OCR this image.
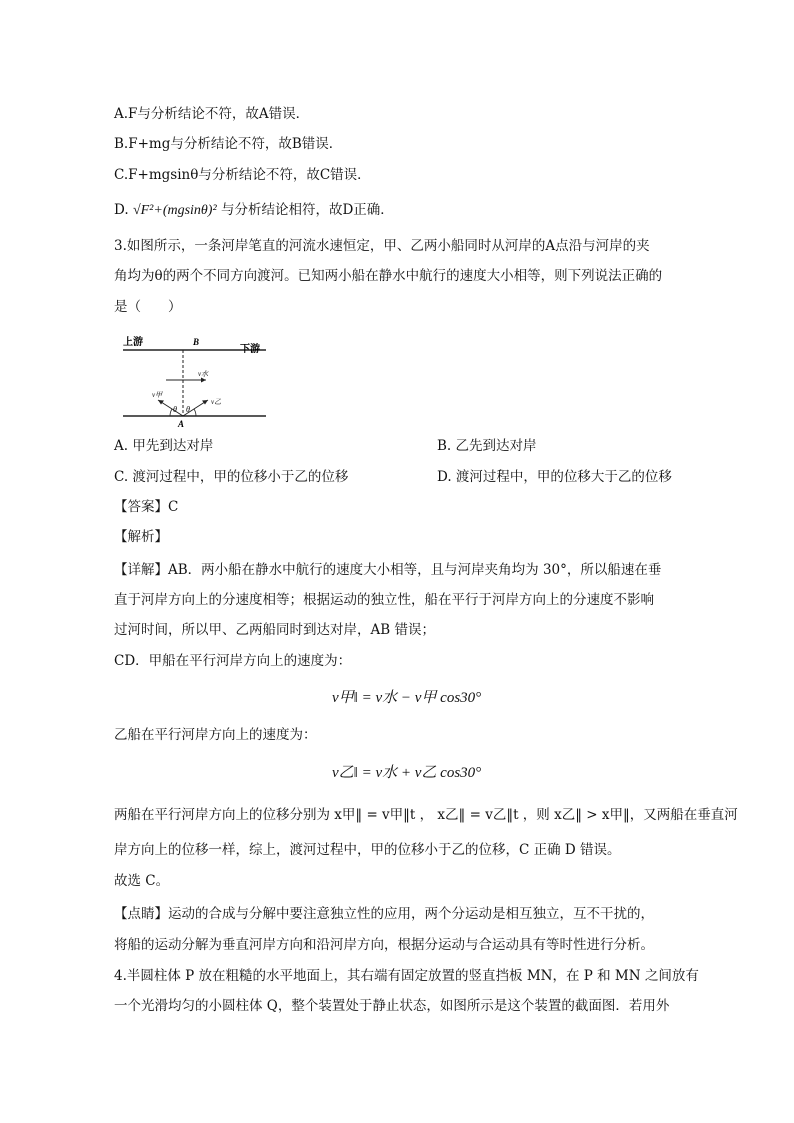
A.F与分析结论不符，故A错误．
B.F+mg与分析结论不符，故B错误．
C.F+mgsinθ与分析结论不符，故C错误．
D. √F²+(mgsinθ)² 与分析结论相符，故D正确．
3.如图所示，一条河岸笔直的河流水速恒定，甲、乙两小船同时从河岸的A点沿与河岸的夹
角均为θ的两个不同方向渡河。已知两小船在静水中航行的速度大小相等，则下列说法正确的
是（　　）
上游
下游
B
A
v水
v甲
v乙
θ θ
A. 甲先到达对岸	B. 乙先到达对岸
C. 渡河过程中，甲的位移小于乙的位移	D. 渡河过程中，甲的位移大于乙的位移
【答案】C
【解析】
【详解】AB．两小船在静水中航行的速度大小相等，且与河岸夹角均为 30°，所以船速在垂
直于河岸方向上的分速度相等；根据运动的独立性，船在平行于河岸方向上的分速度不影响
过河时间，所以甲、乙两船同时到达对岸，AB 错误；
CD．甲船在平行河岸方向上的速度为：
v甲‖ = v水 − v甲 cos30°
乙船在平行河岸方向上的速度为：
v乙‖ = v水 + v乙 cos30°
两船在平行河岸方向上的位移分别为 x甲‖ = v甲‖t ， x乙‖ = v乙‖t ，则 x乙‖ > x甲‖，又两船在垂直河
岸方向上的位移一样，综上，渡河过程中，甲的位移小于乙的位移，C 正确 D 错误。
故选 C。
【点睛】运动的合成与分解中要注意独立性的应用，两个分运动是相互独立，互不干扰的，
将船的运动分解为垂直河岸方向和沿河岸方向，根据分运动与合运动具有等时性进行分析。
4.半圆柱体 P 放在粗糙的水平地面上，其右端有固定放置的竖直挡板 MN，在 P 和 MN 之间放有
一个光滑均匀的小圆柱体 Q，整个装置处于静止状态，如图所示是这个装置的截面图．若用外
